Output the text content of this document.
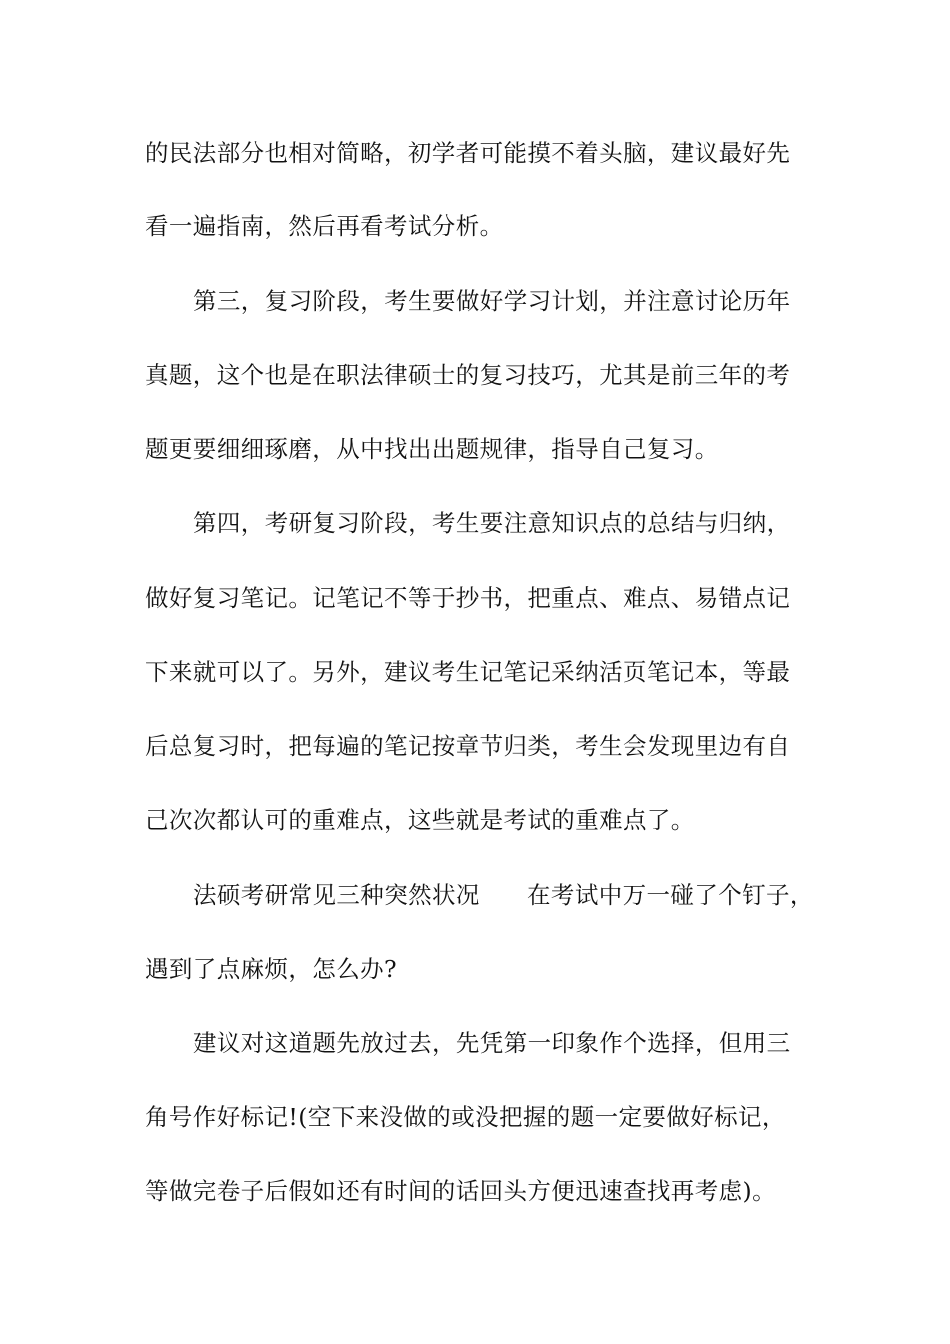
的民法部分也相对简略，初学者可能摸不着头脑，建议最好先
看一遍指南，然后再看考试分析。
第三，复习阶段，考生要做好学习计划，并注意讨论历年
真题，这个也是在职法律硕士的复习技巧，尤其是前三年的考
题更要细细琢磨，从中找出出题规律，指导自己复习。
第四，考研复习阶段，考生要注意知识点的总结与归纳，
做好复习笔记。记笔记不等于抄书，把重点、难点、易错点记
下来就可以了。另外，建议考生记笔记采纳活页笔记本，等最
后总复习时，把每遍的笔记按章节归类，考生会发现里边有自
己次次都认可的重难点，这些就是考试的重难点了。
法硕考研常见三种突然状况      在考试中万一碰了个钉子，
遇到了点麻烦，怎么办?
建议对这道题先放过去，先凭第一印象作个选择，但用三
角号作好标记!(空下来没做的或没把握的题一定要做好标记，
等做完卷子后假如还有时间的话回头方便迅速查找再考虑)。
